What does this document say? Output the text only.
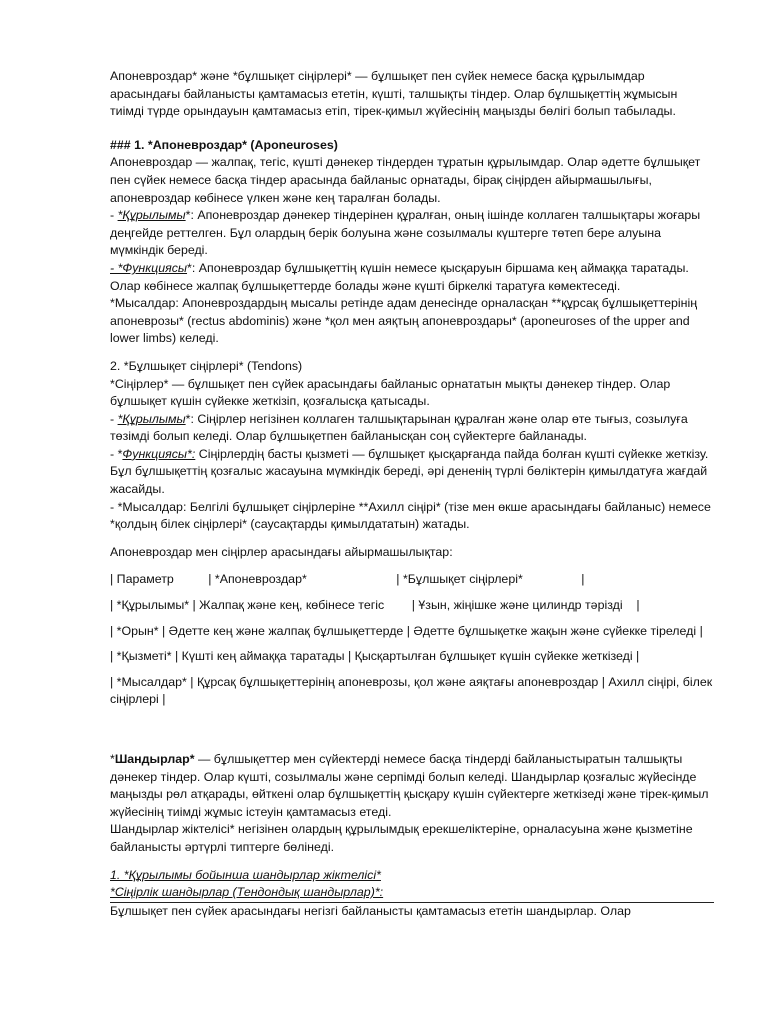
Апоневроздар* және *бұлшықет сіңірлері* — бұлшықет пен сүйек немесе басқа құрылымдар арасындағы байланысты қамтамасыз ететін, күшті, талшықты тіндер. Олар бұлшықеттің жұмысын тиімді түрде орындауын қамтамасыз етіп, тірек-қимыл жүйесінің маңызды бөлігі болып табылады.

### 1. *Апоневроздар* (Aponeuroses)

Апоневроздар — жалпақ, тегіс, күшті дәнекер тіндерден тұратын құрылымдар. Олар әдетте бұлшықет пен сүйек немесе басқа тіндер арасында байланыс орнатады, бірақ сіңірден айырмашылығы, апоневроздар көбінесе үлкен және кең таралған болады.

- *Құрылымы*: Апоневроздар дәнекер тіндерінен құралған, оның ішінде коллаген талшықтары жоғары деңгейде реттелген. Бұл олардың берік болуына және созылмалы күштерге төтеп бере алуына мүмкіндік береді.

- *Функциясы*: Апоневроздар бұлшықеттің күшін немесе қысқаруын біршама кең аймаққа таратады. Олар көбінесе жалпақ бұлшықеттерде болады және күшті біркелкі таратуға көмектеседі.

*Мысалдар: Апоневроздардың мысалы ретінде адам денесінде орналасқан **құрсақ бұлшықеттерінің апоневрозы* (rectus abdominis) және *қол мен аяқтың апоневроздары* (aponeuroses of the upper and lower limbs) келеді.

2. *Бұлшықет сіңірлері* (Tendons)

*Сіңірлер* — бұлшықет пен сүйек арасындағы байланыс орнататын мықты дәнекер тіндер. Олар бұлшықет күшін сүйекке жеткізіп, қозғалысқа қатысады.

- *Құрылымы*: Сіңірлер негізінен коллаген талшықтарынан құралған және олар өте тығыз, созылуға төзімді болып келеді. Олар бұлшықетпен байланысқан соң сүйектерге байланады.

- *Функциясы*: Сіңірлердің басты қызметі — бұлшықет қысқарғанда пайда болған күшті сүйекке жеткізу. Бұл бұлшықеттің қозғалыс жасауына мүмкіндік береді, әрі дененің түрлі бөліктерін қимылдатуға жағдай жасайды.

- *Мысалдар: Белгілі бұлшықет сіңірлеріне **Ахилл сіңірі* (тізе мен өкше арасындағы байланыс) немесе *қолдың білек сіңірлері* (саусақтарды қимылдататын) жатады.

Апоневроздар мен сіңірлер арасындағы айырмашылықтар:

| Параметр          | *Апоневроздар*                          | *Бұлшықет сіңірлері*                 |

| *Құрылымы* | Жалпақ және кең, көбінесе тегіс        | Ұзын, жіңішке және цилиндр тәрізді    |

| *Орын* | Әдетте кең және жалпақ бұлшықеттерде | Әдетте бұлшықетке жақын және сүйекке тіреледі |

| *Қызметі* | Күшті кең аймаққа таратады | Қысқартылған бұлшықет күшін сүйекке жеткізеді |

| *Мысалдар* | Құрсақ бұлшықеттерінің апоневрозы, қол және аяқтағы апоневроздар | Ахилл сіңірі, білек сіңірлері |

*Шандырлар* — бұлшықеттер мен сүйектерді немесе басқа тіндерді байланыстыратын талшықты дәнекер тіндер. Олар күшті, созылмалы және серпімді болып келеді. Шандырлар қозғалыс жүйесінде маңызды рөл атқарады, өйткені олар бұлшықеттің қысқару күшін сүйектерге жеткізеді және тірек-қимыл жүйесінің тиімді жұмыс істеуін қамтамасыз етеді.

Шандырлар жіктелісі* негізінен олардың құрылымдық ерекшеліктеріне, орналасуына және қызметіне байланысты әртүрлі типтерге бөлінеді.

1. *Құрылымы бойынша шандырлар жіктелісі*

*Сіңірлік шандырлар (Тендондық шандырлар)*:

Бұлшықет пен сүйек арасындағы негізгі байланысты қамтамасыз ететін шандырлар. Олар
